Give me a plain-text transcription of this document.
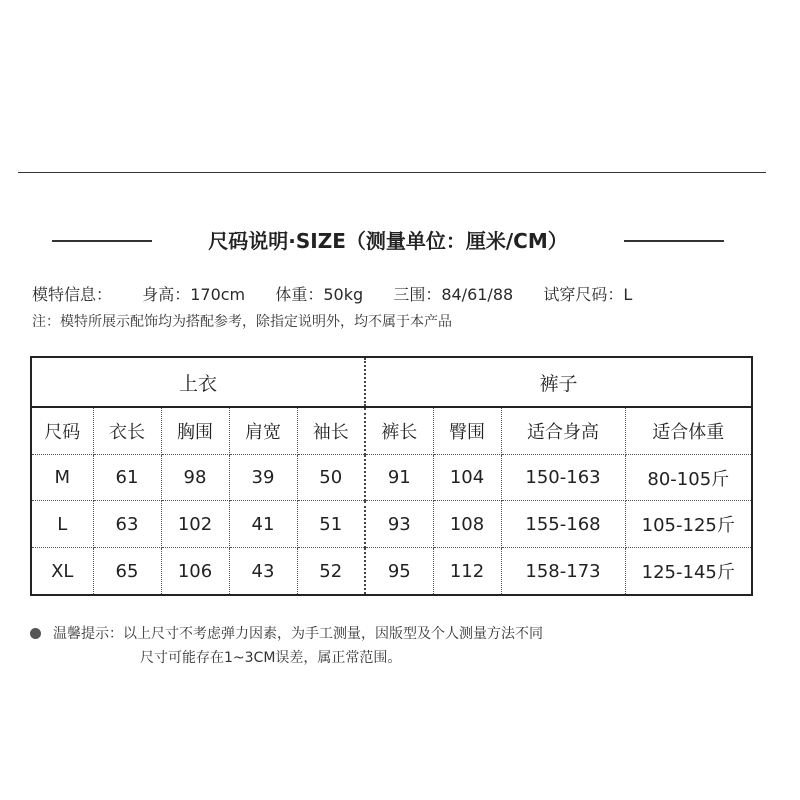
尺码说明·SIZE（测量单位：厘米/CM）
模特信息： 身高：170cm 体重：50kg 三围：84/61/88 试穿尺码：L
注：模特所展示配饰均为搭配参考，除指定说明外，均不属于本产品
上衣					裤子			
尺码	衣长	胸围	肩宽	袖长	裤长	臀围	适合身高	适合体重
M	61	98	39	50	91	104	150-163	80-105斤
L	63	102	41	51	93	108	155-168	105-125斤
XL	65	106	43	52	95	112	158-173	125-145斤
温馨提示：以上尺寸不考虑弹力因素，为手工测量，因版型及个人测量方法不同
尺寸可能存在1~3CM误差，属正常范围。
